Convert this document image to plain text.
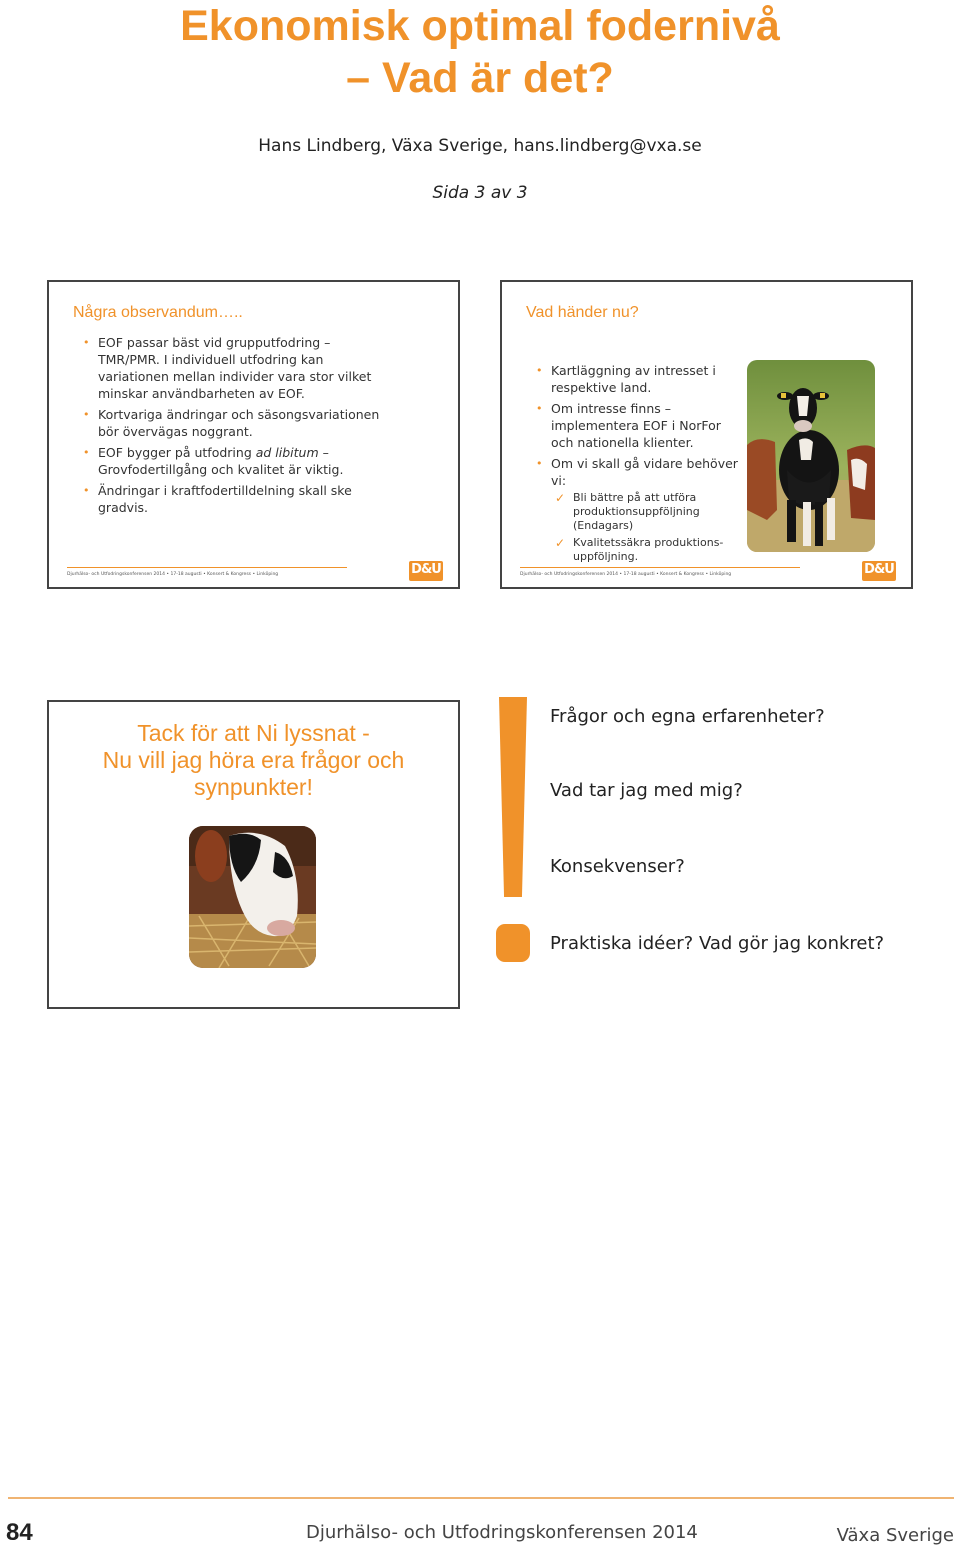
Ekonomisk optimal fodernivå
– Vad är det?
Hans Lindberg, Växa Sverige, hans.lindberg@vxa.se
Sida 3 av 3
Några observandum…..
• EOF passar bäst vid grupputfodring – TMR/PMR. I individuell utfodring kan variationen mellan individer vara stor vilket minskar användbarheten av EOF.
• Kortvariga ändringar och säsongsvariationen bör övervägas noggrant.
• EOF bygger på utfodring ad libitum – Grovfodertillgång och kvalitet är viktig.
• Ändringar i kraftfodertilldelning skall ske gradvis.
Djurhälso- och Utfodringskonferensen 2014 • 17-18 augusti • Konsert & Kongress • Linköping	D&U
Vad händer nu?
• Kartläggning av intresset i respektive land.
• Om intresse finns – implementera EOF i NorFor och nationella klienter.
• Om vi skall gå vidare behöver vi:
✓ Bli bättre på att utföra produktionsuppföljning (Endagars)
✓ Kvalitetssäkra produktions-uppföljning.
Djurhälso- och Utfodringskonferensen 2014 • 17-18 augusti • Konsert & Kongress • Linköping	D&U
Tack för att Ni lyssnat -
Nu vill jag höra era frågor och
synpunkter!
Frågor och egna erfarenheter?
Vad tar jag med mig?
Konsekvenser?
Praktiska idéer? Vad gör jag konkret?
84	Djurhälso- och Utfodringskonferensen 2014	Växa Sverige
